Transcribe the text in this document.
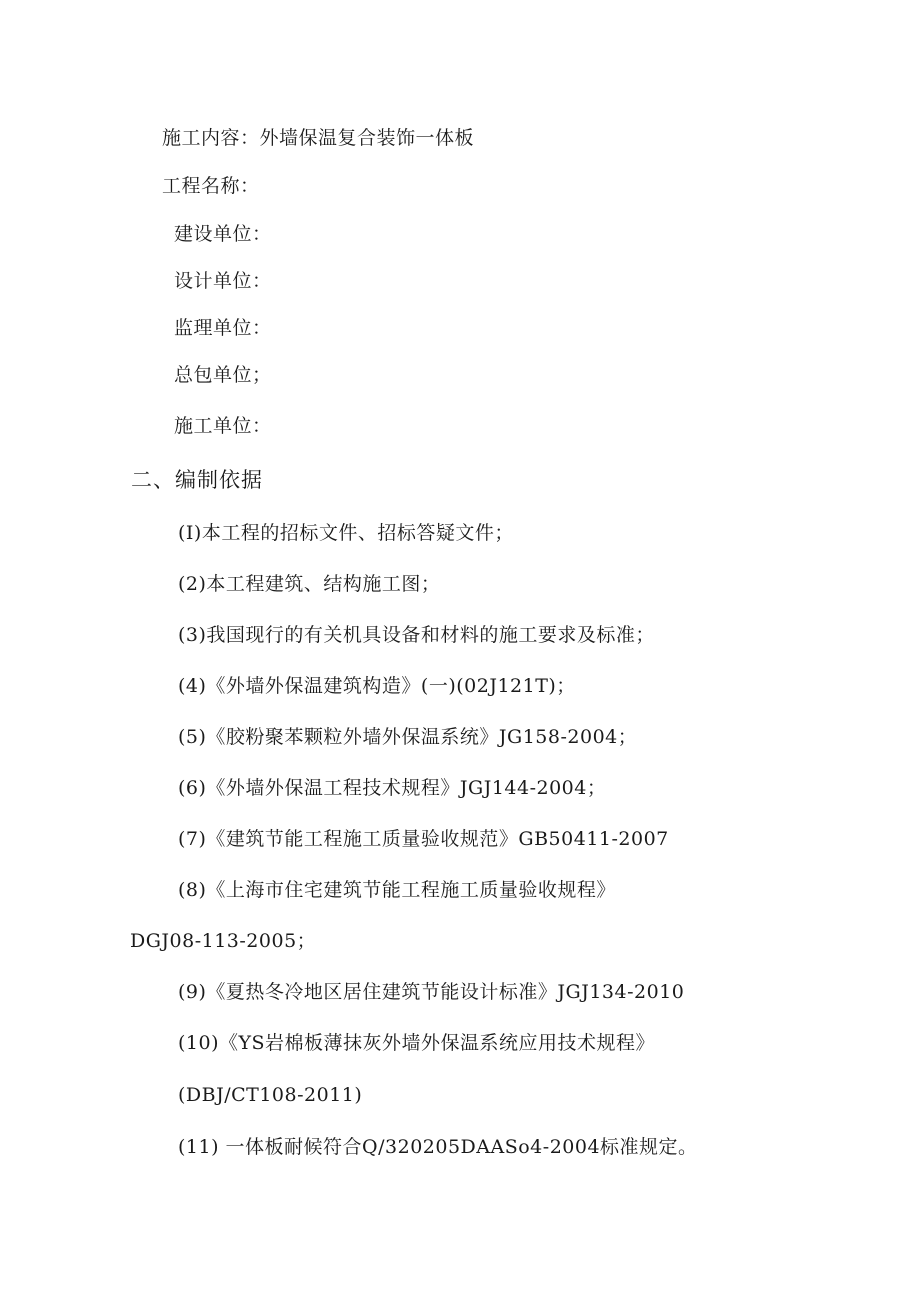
施工内容：外墙保温复合装饰一体板
工程名称：
建设单位：
设计单位：
监理单位：
总包单位；
施工单位：
二、编制依据
(I)本工程的招标文件、招标答疑文件；
(2)本工程建筑、结构施工图；
(3)我国现行的有关机具设备和材料的施工要求及标准；
(4)《外墙外保温建筑构造》(一)(02J121T)；
(5)《胶粉聚苯颗粒外墙外保温系统》JG158-2004；
(6)《外墙外保温工程技术规程》JGJ144-2004；
(7)《建筑节能工程施工质量验收规范》GB50411-2007
(8)《上海市住宅建筑节能工程施工质量验收规程》
DGJ08-113-2005；
(9)《夏热冬冷地区居住建筑节能设计标准》JGJ134-2010
(10)《YS岩棉板薄抹灰外墙外保温系统应用技术规程》
(DBJ/CT108-2011)
(11) 一体板耐候符合Q/320205DAASo4-2004标准规定。
